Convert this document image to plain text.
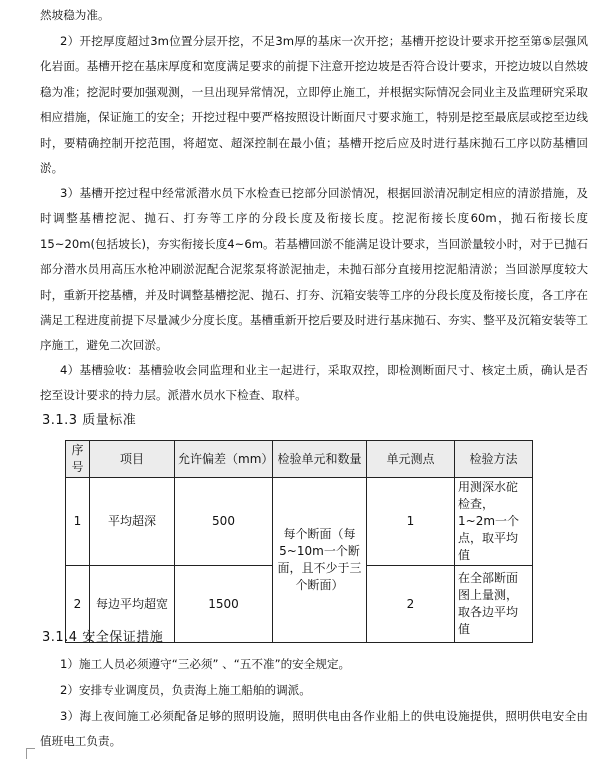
然坡稳为准。

2）开挖厚度超过3m位置分层开挖，不足3m厚的基床一次开挖；基槽开挖设计要求开挖至第⑤层强风化岩面。基槽开挖在基床厚度和宽度满足要求的前提下注意开挖边坡是否符合设计要求，开挖边坡以自然坡稳为准；挖泥时要加强观测，一旦出现异常情况，立即停止施工，并根据实际情况会同业主及监理研究采取相应措施，保证施工的安全；开挖过程中要严格按照设计断面尺寸要求施工，特别是挖至最底层或挖至边线时，要精确控制开挖范围，将超宽、超深控制在最小值；基槽开挖后应及时进行基床抛石工序以防基槽回淤。

3）基槽开挖过程中经常派潜水员下水检查已挖部分回淤情况，根据回淤清况制定相应的清淤措施，及时调整基槽挖泥、抛石、打夯等工序的分段长度及衔接长度。挖泥衔接长度60m，抛石衔接长度15~20m(包括坡长)，夯实衔接长度4~6m。若基槽回淤不能满足设计要求，当回淤量较小时，对于已抛石部分潜水员用高压水枪冲刷淤泥配合泥浆泵将淤泥抽走，未抛石部分直接用挖泥船清淤；当回淤厚度较大时，重新开挖基槽，并及时调整基槽挖泥、抛石、打夯、沉箱安装等工序的分段长度及衔接长度，各工序在满足工程进度前提下尽量减少分度长度。基槽重新开挖后要及时进行基床抛石、夯实、整平及沉箱安装等工序施工，避免二次回淤。

4）基槽验收：基槽验收会同监理和业主一起进行，采取双控，即检测断面尺寸、核定土质，确认是否挖至设计要求的持力层。派潜水员水下检查、取样。

3.1.3 质量标准
序号	项目	允许偏差（mm）	检验单元和数量	单元测点	检验方法
1	平均超深	500	每个断面（每5~10m一个断面，且不少于三个断面）	1	用测深水砣检查，1~2m一个点，取平均值
2	每边平均超宽	1500		2	在全部断面图上量测，取各边平均值
3.1.4 安全保证措施

1）施工人员必须遵守“三必须” 、“五不准”的安全规定。

2）安排专业调度员，负责海上施工船舶的调派。

3）海上夜间施工必须配备足够的照明设施，照明供电由各作业船上的供电设施提供，照明供电安全由值班电工负责。
